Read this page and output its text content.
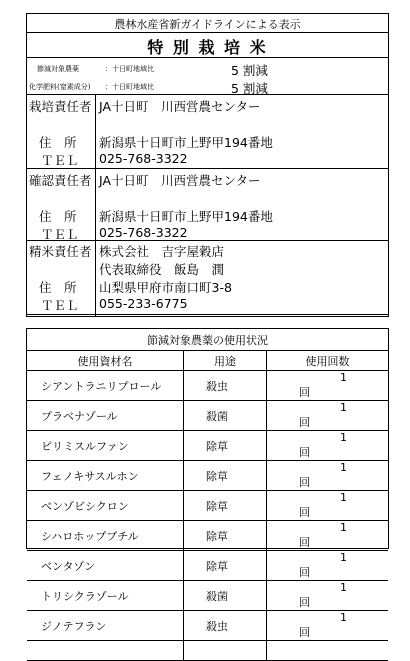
農林水産省新ガイドラインによる表示
特 別 栽 培 米
節減対象農薬	：十日町地域比	5 割減
化学肥料(窒素成分) ：十日町地域比	5 割減
栽培責任者 JA十日町　川西営農センター
住　所 新潟県十日町市上野甲194番地
ＴＥＬ 025-768-3322
確認責任者 JA十日町　川西営農センター
住　所 新潟県十日町市上野甲194番地
ＴＥＬ 025-768-3322
精米責任者 株式会社　吉字屋穀店
代表取締役　飯島　潤
住　所 山梨県甲府市南口町3-8
ＴＥＬ 055-233-6775
節減対象農薬の使用状況
使用資材名	用途	使用回数
シアントラニリプロール	殺虫	1回
プラベナゾール	殺菌	1回
ピリミスルファン	除草	1回
フェノキサスルホン	除草	1回
ベンゾビシクロン	除草	1回
シハロホップブチル	除草	1回
ベンタゾン	除草	1回
トリシクラゾール	殺菌	1回
ジノテフラン	殺虫	1回
